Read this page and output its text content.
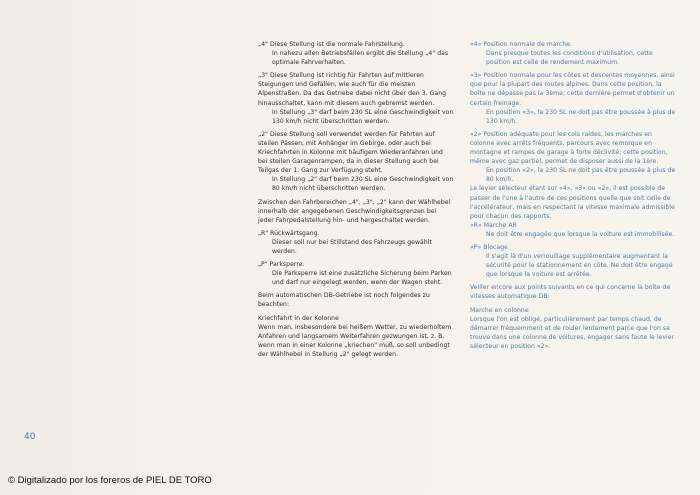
„4" Diese Stellung ist die normale Fahrstellung.

In nahezu allen Betriebsfällen ergibt die Stellung „4" das optimale Fahrverhalten.

„3" Diese Stellung ist richtig für Fahrten auf mittleren Steigungen und Gefällen, wie auch für die meisten Alpenstraßen. Da das Getriebe dabei nicht über den 3. Gang hinausschaltet, kann mit diesem auch gebremst werden.

In Stellung „3" darf beim 230 SL eine Geschwindigkeit von 130 km/h nicht überschritten werden.

„2" Diese Stellung soll verwendet werden für Fahrten auf steilen Pässen, mit Anhänger im Gebirge, oder auch bei Kriechfahrten in Kolonne mit häufigem Wiederanfahren und bei steilen Garagenrampen, da in dieser Stellung auch bei Teilgas der 1. Gang zur Verfügung steht.

In Stellung „2" darf beim 230 SL eine Geschwindigkeit von 80 km/h nicht überschritten werden.

Zwischen den Fahrbereichen „4", „3", „2" kann der Wählhebel innerhalb der angegebenen Geschwindigkeitsgrenzen bei jeder Fahrpedalstellung hin- und hergeschaltet werden.

„R" Rückwärtsgang.

Dieser soll nur bei Stillstand des Fahrzeugs gewählt werden.

„P" Parksperre.

Die Parksperre ist eine zusätzliche Sicherung beim Parken und darf nur eingelegt werden, wenn der Wagen steht.

Beim automatischen DB-Getriebe ist noch folgendes zu beachten:

Kriechfahrt in der Kolonne

Wenn man, insbesondere bei heißem Wetter, zu wiederholtem Anfahren und langsamem Weiterfahren gezwungen ist, z. B. wenn man in einer Kolonne „kriechen" muß, so soll unbedingt der Wählhebel in Stellung „2" gelegt werden.

«4» Position normale de marche.

Dans presque toutes les conditions d'utilisation, cette position est celle de rendement maximum.

«3» Position normale pour les côtes et descentes moyennes, ainsi que pour la plupart des routes alpines. Dans cette position, la boîte ne dépasse pas la 3ème; cette dernière permet d'obtenir un certain freinage.

En position «3», la 230 SL ne doit pas être poussée à plus de 130 km/h.

«2» Position adéquate pour les cols raides, les marches en colonne avec arrêts fréquents, parcours avec remorque en montagne et rampes de garage à forte déclivité; cette position, même avec gaz partiel, permet de disposer aussi de la 1ère.

En position «2», la 230 SL ne doit pas être poussée à plus de 80 km/h.

Le levier sélecteur étant sur «4», «3» ou «2», il est possible de passer de l'une à l'autre de ces positions quelle que soit celle de l'accélérateur, mais en respectant la vitesse maximale admissible pour chacun des rapports.

«R» Marche AR

Ne doit être engagée que lorsque la voiture est immobilisée.

«P» Blocage

Il s'agit là d'un verrouillage supplémentaire augmentant la sécurité pour le stationnement en côte. Ne doit être engagé que lorsque la voiture est arrêtée.

Veiller encore aux points suivants en ce qui concerne la boîte de vitesses automatique DB:

Marche en colonne

Lorsque l'on est obligé, particulièrement par temps chaud, de démarrer fréquemment et de rouler lentement parce que l'on se trouve dans une colonne de voitures, engager sans faute le levier sélecteur en position «2».

40
© Digitalizado por los foreros de PIEL DE TORO
